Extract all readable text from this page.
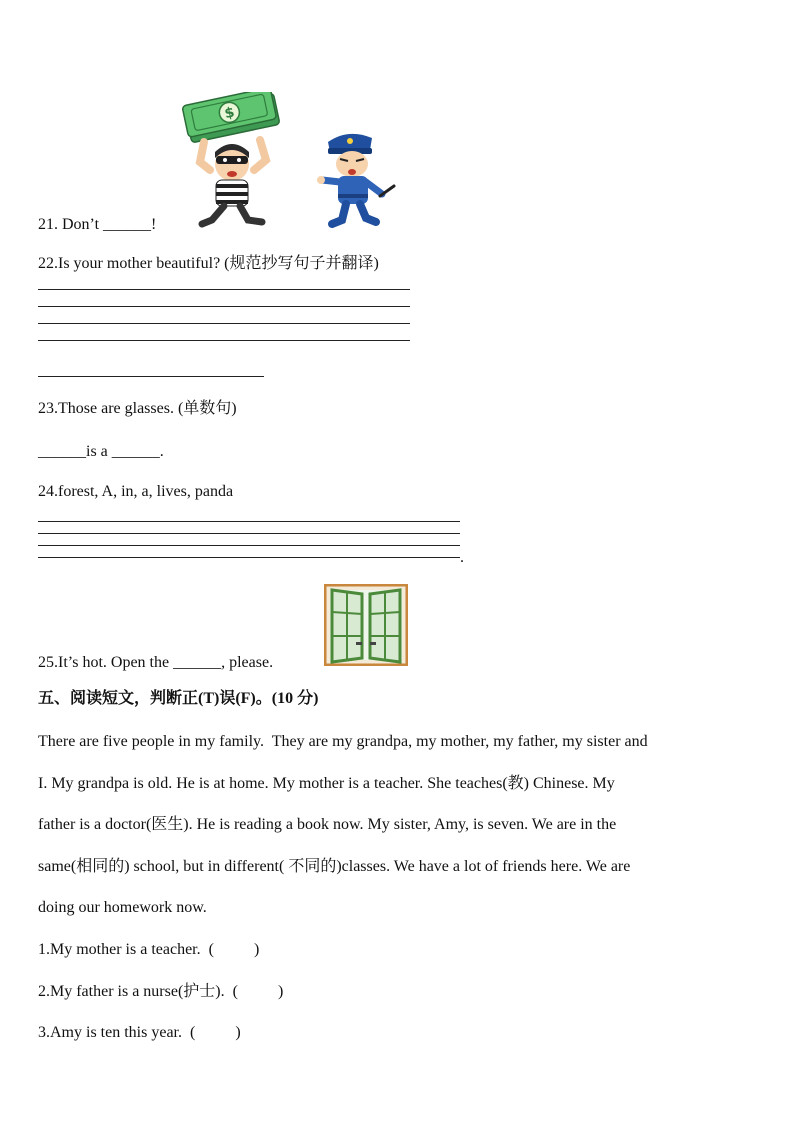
$
21. Don’t ______!
22.Is your mother beautiful? (规范抄写句子并翻译)
23.Those are glasses. (单数句)
______is a ______.
24.forest, A, in, a, lives, panda
.
25.It’s hot. Open the ______, please.
五、阅读短文，判断正(T)误(F)。(10 分)
There are five people in my family.  They are my grandpa, my mother, my father, my sister and
I. My grandpa is old. He is at home. My mother is a teacher. She teaches(教) Chinese. My
father is a doctor(医生). He is reading a book now. My sister, Amy, is seven. We are in the
same(相同的) school, but in different( 不同的)classes. We have a lot of friends here. We are
doing our homework now.
1.My mother is a teacher.  (          )
2.My father is a nurse(护士).  (          )
3.Amy is ten this year.  (          )
